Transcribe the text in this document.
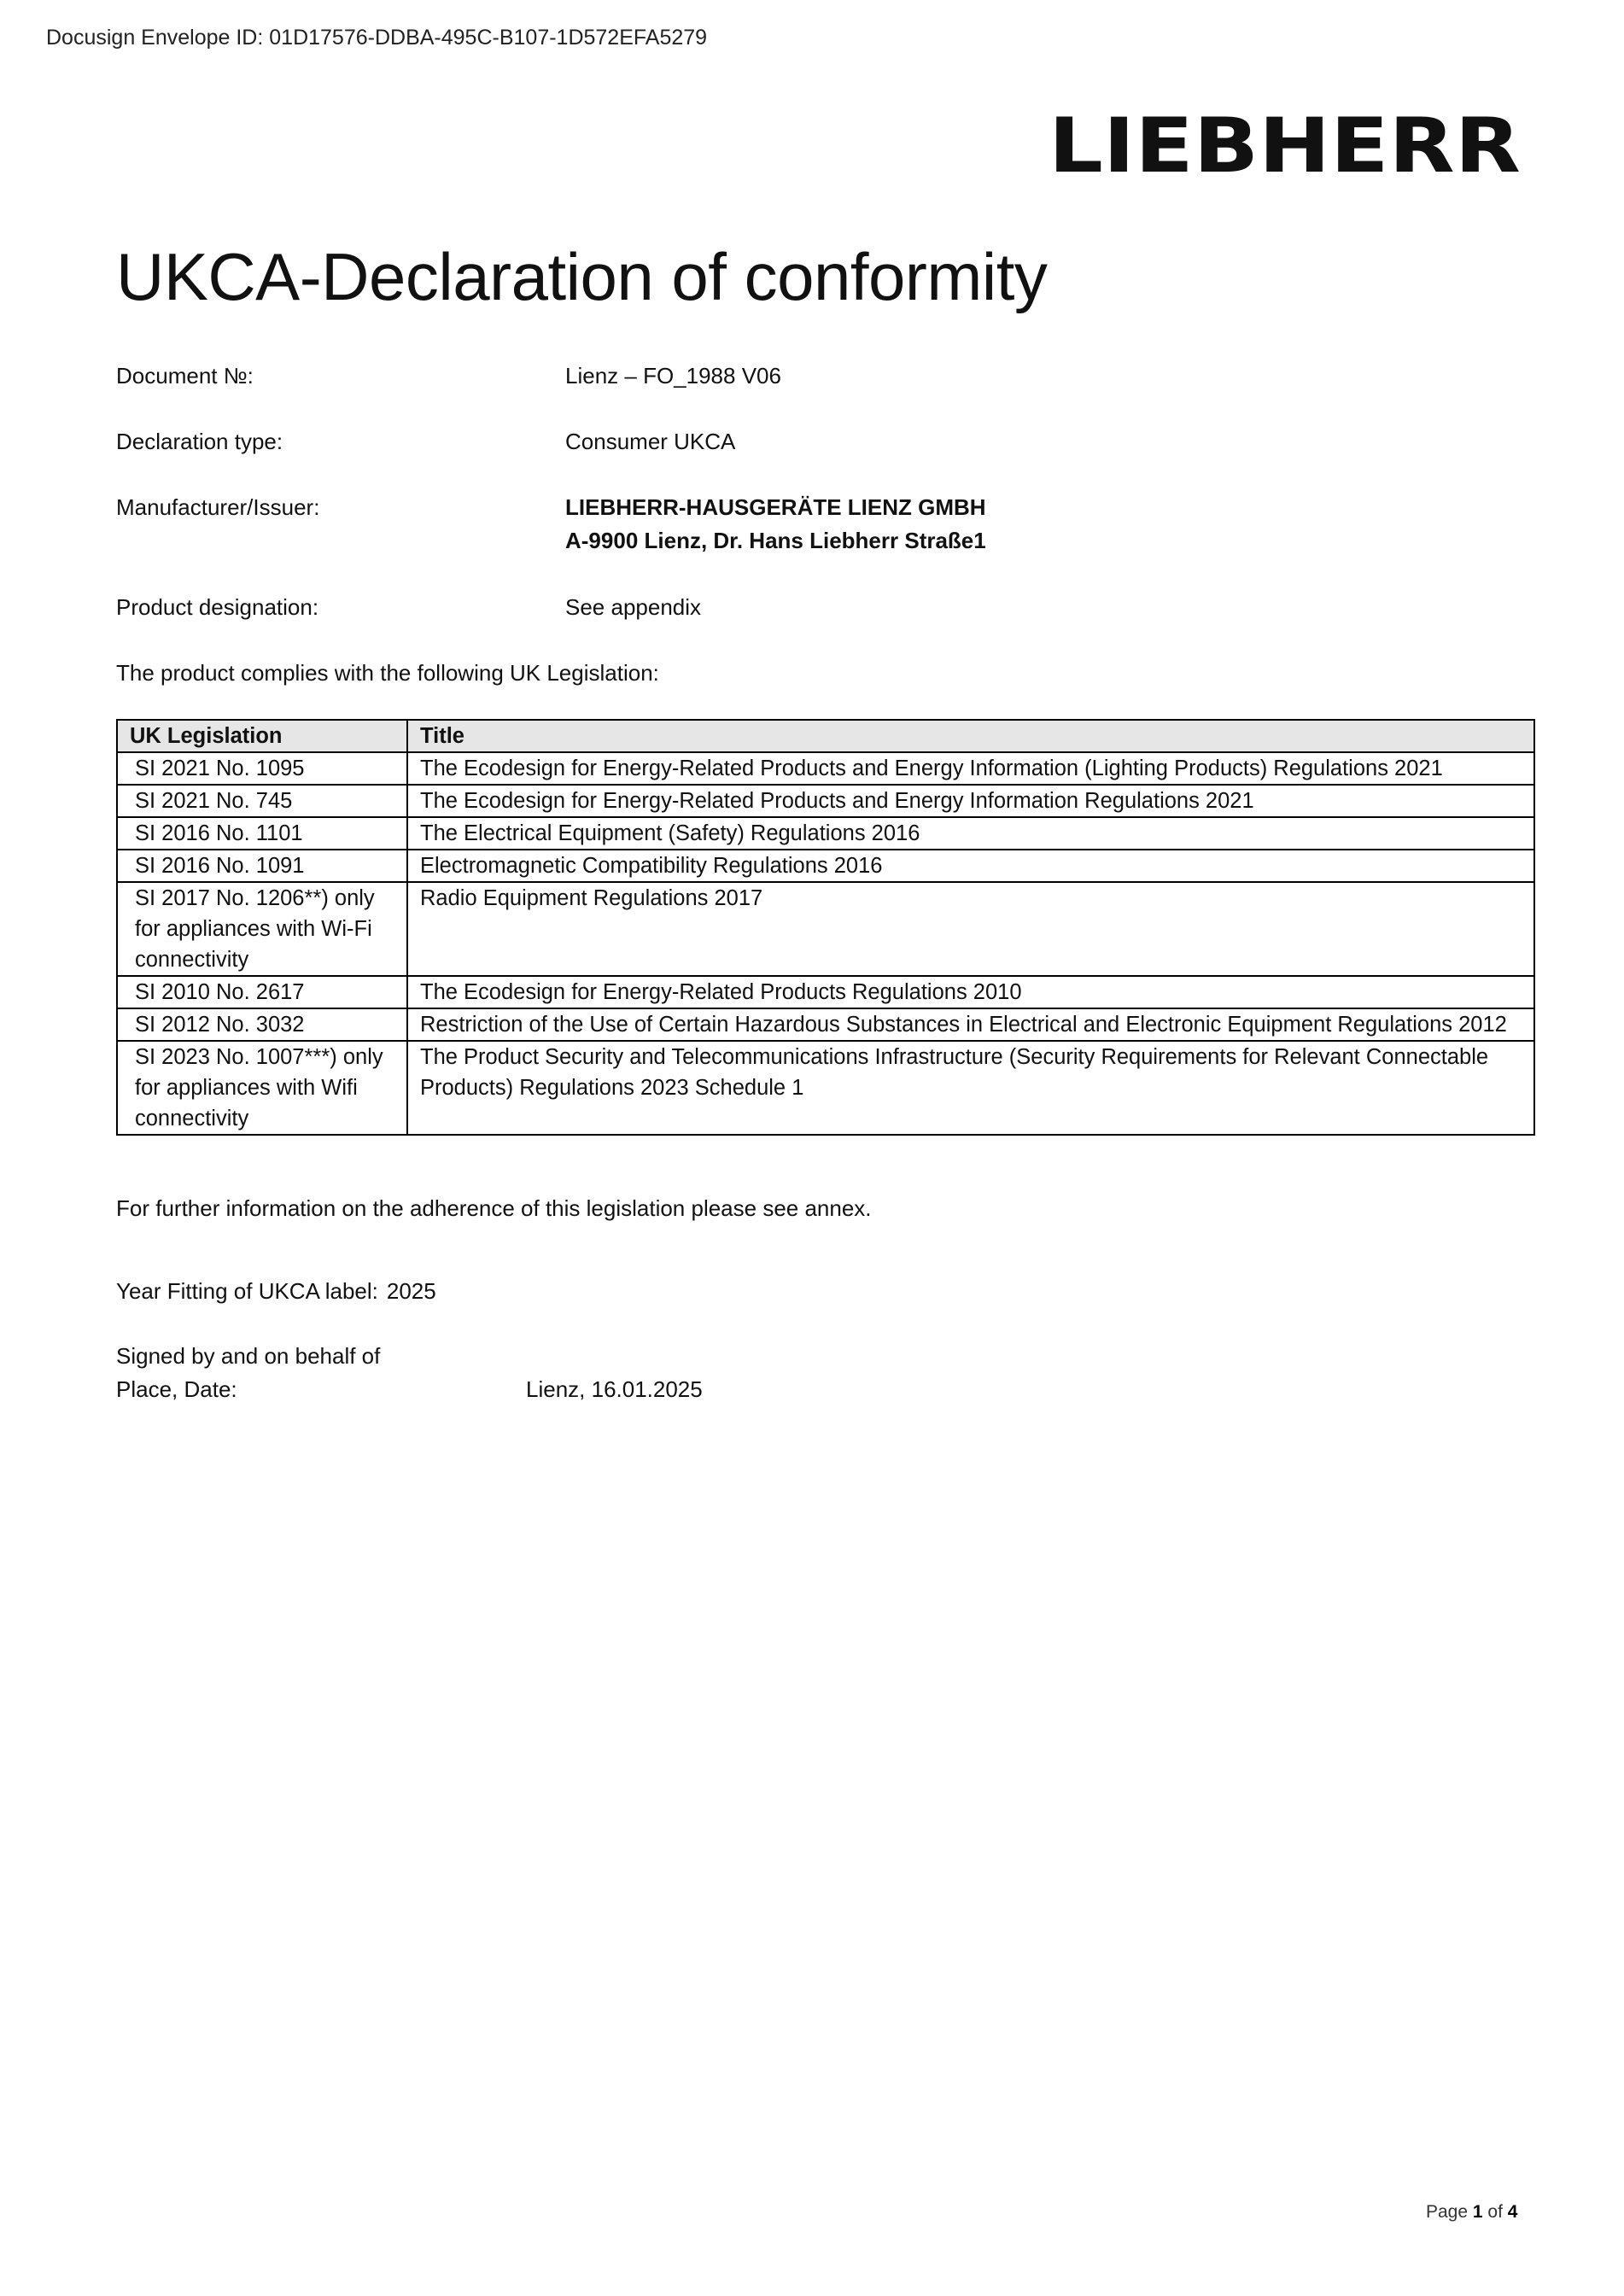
Docusign Envelope ID: 01D17576-DDBA-495C-B107-1D572EFA5279
LIEBHERR
UKCA-Declaration of conformity
Document №:	Lienz – FO_1988 V06
Declaration type:	Consumer UKCA
Manufacturer/Issuer:	LIEBHERR-HAUSGERÄTE LIENZ GMBH
A-9900 Lienz, Dr. Hans Liebherr Straße1
Product designation:	See appendix
The product complies with the following UK Legislation:
UK Legislation	Title
SI 2021 No. 1095	The Ecodesign for Energy-Related Products and Energy Information (Lighting Products) Regulations 2021
SI 2021 No. 745	The Ecodesign for Energy-Related Products and Energy Information Regulations 2021
SI 2016 No. 1101	The Electrical Equipment (Safety) Regulations 2016
SI 2016 No. 1091	Electromagnetic Compatibility Regulations 2016
SI 2017 No. 1206**) only for appliances with Wi-Fi connectivity	Radio Equipment Regulations 2017
SI 2010 No. 2617	The Ecodesign for Energy-Related Products Regulations 2010
SI 2012 No. 3032	Restriction of the Use of Certain Hazardous Substances in Electrical and Electronic Equipment Regulations 2012
SI 2023 No. 1007***) only for appliances with Wifi connectivity	The Product Security and Telecommunications Infrastructure (Security Requirements for Relevant Connectable Products) Regulations 2023 Schedule 1
For further information on the adherence of this legislation please see annex.
Year Fitting of UKCA label: 2025
Signed by and on behalf of
Place, Date:	Lienz, 16.01.2025
Page 1 of 4
